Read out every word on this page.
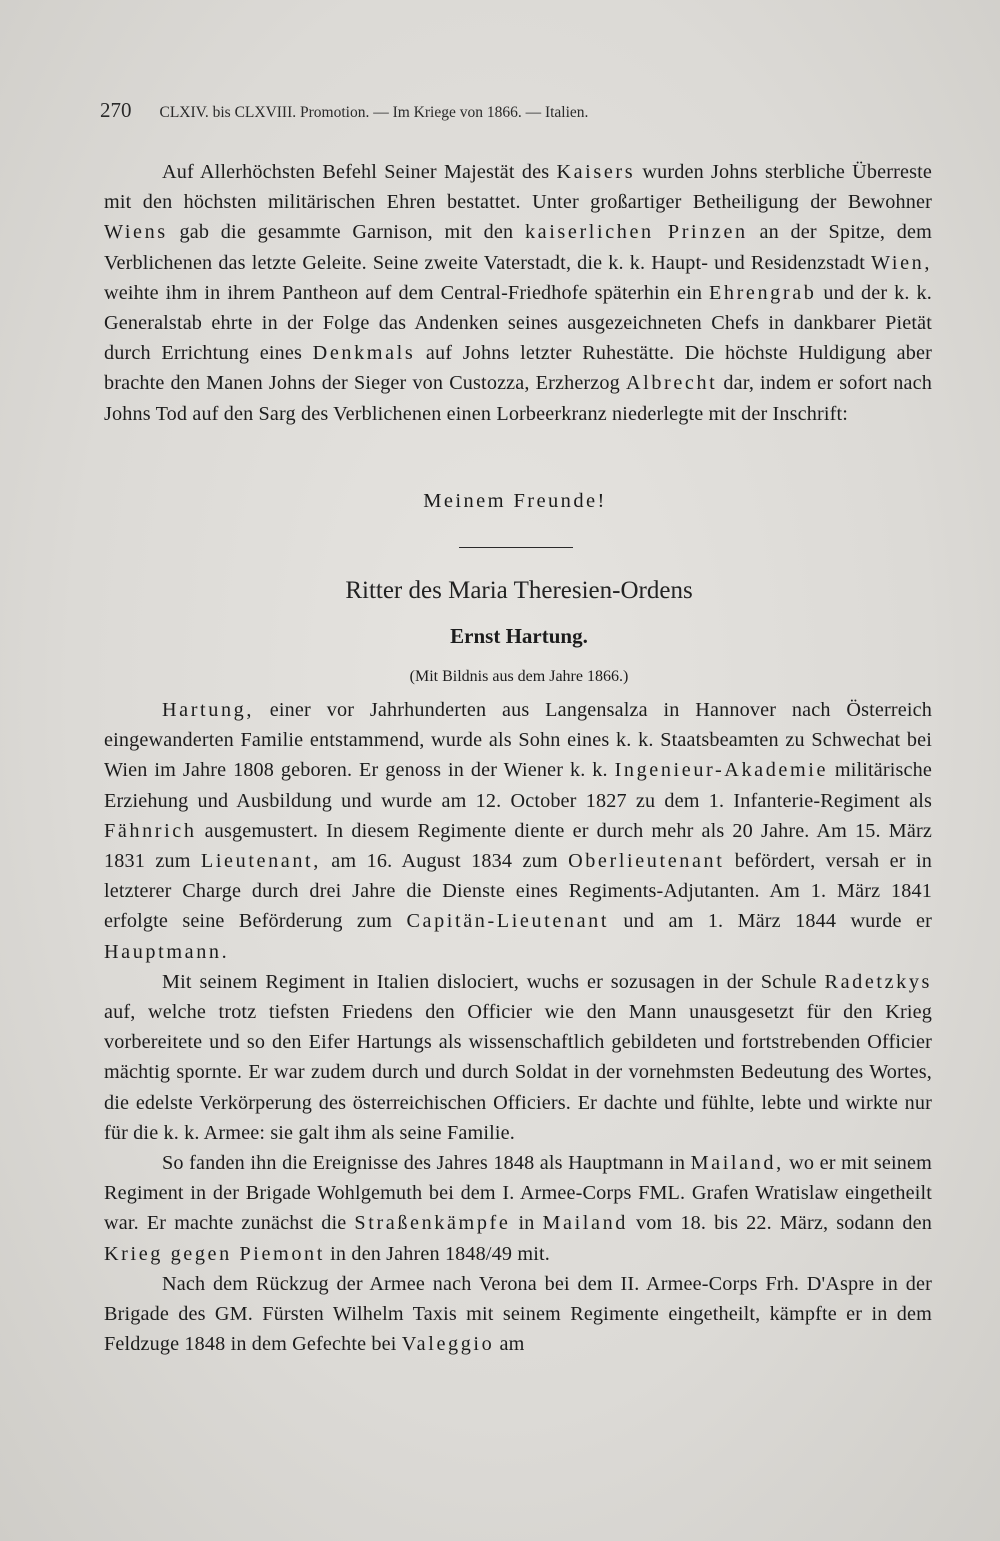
270 CLXIV. bis CLXVIII. Promotion. — Im Kriege von 1866. — Italien.

Auf Allerhöchsten Befehl Seiner Majestät des Kaisers wurden Johns sterbliche Überreste mit den höchsten militärischen Ehren bestattet. Unter großartiger Betheiligung der Bewohner Wiens gab die gesammte Garnison, mit den kaiserlichen Prinzen an der Spitze, dem Verblichenen das letzte Geleite. Seine zweite Vaterstadt, die k. k. Haupt- und Residenzstadt Wien, weihte ihm in ihrem Pantheon auf dem Central-Friedhofe späterhin ein Ehrengrab und der k. k. Generalstab ehrte in der Folge das Andenken seines ausgezeichneten Chefs in dankbarer Pietät durch Errichtung eines Denkmals auf Johns letzter Ruhestätte. Die höchste Huldigung aber brachte den Manen Johns der Sieger von Custozza, Erzherzog Albrecht dar, indem er sofort nach Johns Tod auf den Sarg des Verblichenen einen Lorbeerkranz niederlegte mit der Inschrift:

Meinem Freunde!
Ritter des Maria Theresien-Ordens
Ernst Hartung.
(Mit Bildnis aus dem Jahre 1866.)

Hartung, einer vor Jahrhunderten aus Langensalza in Hannover nach Österreich eingewanderten Familie entstammend, wurde als Sohn eines k. k. Staatsbeamten zu Schwechat bei Wien im Jahre 1808 geboren. Er genoss in der Wiener k. k. Ingenieur-Akademie militärische Erziehung und Ausbildung und wurde am 12. October 1827 zu dem 1. Infanterie-Regiment als Fähnrich ausgemustert. In diesem Regimente diente er durch mehr als 20 Jahre. Am 15. März 1831 zum Lieutenant, am 16. August 1834 zum Oberlieutenant befördert, versah er in letzterer Charge durch drei Jahre die Dienste eines Regiments-Adjutanten. Am 1. März 1841 erfolgte seine Beförderung zum Capitän-Lieutenant und am 1. März 1844 wurde er Hauptmann.

Mit seinem Regiment in Italien dislociert, wuchs er sozusagen in der Schule Radetzkys auf, welche trotz tiefsten Friedens den Officier wie den Mann unausgesetzt für den Krieg vorbereitete und so den Eifer Hartungs als wissenschaftlich gebildeten und fortstrebenden Officier mächtig spornte. Er war zudem durch und durch Soldat in der vornehmsten Bedeutung des Wortes, die edelste Verkörperung des österreichischen Officiers. Er dachte und fühlte, lebte und wirkte nur für die k. k. Armee: sie galt ihm als seine Familie.

So fanden ihn die Ereignisse des Jahres 1848 als Hauptmann in Mailand, wo er mit seinem Regiment in der Brigade Wohlgemuth bei dem I. Armee-Corps FML. Grafen Wratislaw eingetheilt war. Er machte zunächst die Straßenkämpfe in Mailand vom 18. bis 22. März, sodann den Krieg gegen Piemont in den Jahren 1848/49 mit.

Nach dem Rückzug der Armee nach Verona bei dem II. Armee-Corps Frh. D'Aspre in der Brigade des GM. Fürsten Wilhelm Taxis mit seinem Regimente eingetheilt, kämpfte er in dem Feldzuge 1848 in dem Gefechte bei Valeggio am
